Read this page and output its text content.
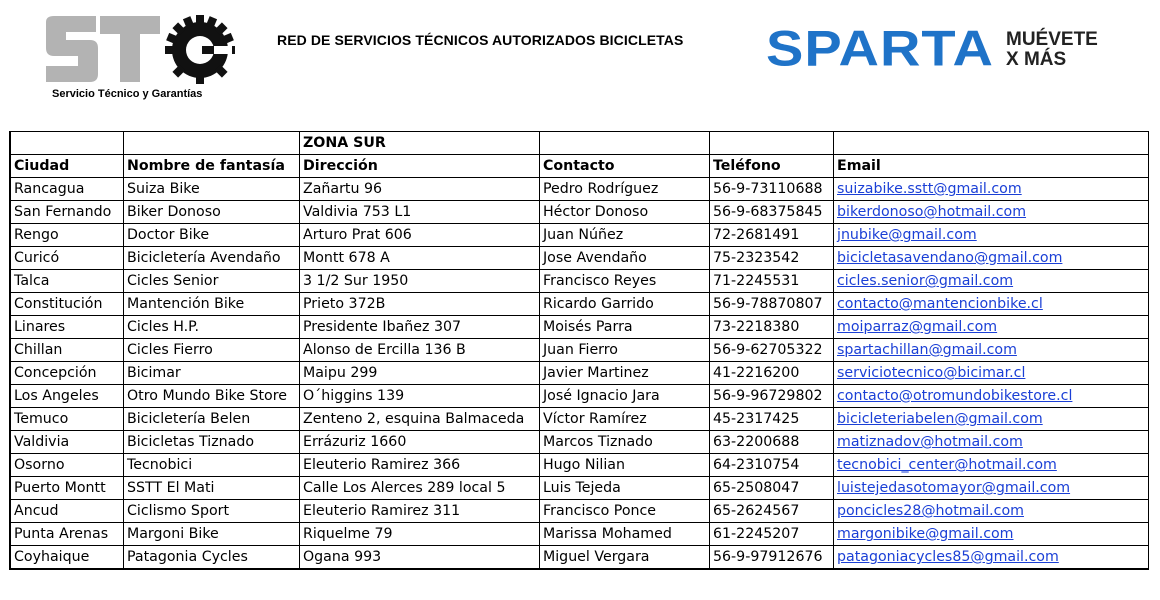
Servicio Técnico y Garantías
RED DE SERVICIOS TÉCNICOS AUTORIZADOS BICICLETAS SPARTA MUÉVETE
X MÁS
		ZONA SUR			
Ciudad	Nombre de fantasía	Dirección	Contacto	Teléfono	Email
Rancagua	Suiza Bike	Zañartu 96	Pedro Rodríguez	56-9-73110688	suizabike.sstt@gmail.com
San Fernando	Biker Donoso	Valdivia 753 L1	Héctor Donoso	56-9-68375845	bikerdonoso@hotmail.com
Rengo	Doctor Bike	Arturo Prat 606	Juan Núñez	72-2681491	jnubike@gmail.com
Curicó	Bicicletería Avendaño	Montt 678 A	Jose Avendaño	75-2323542	bicicletasavendano@gmail.com
Talca	Cicles Senior	3 1/2 Sur 1950	Francisco Reyes	71-2245531	cicles.senior@gmail.com
Constitución	Mantención Bike	Prieto 372B	Ricardo Garrido	56-9-78870807	contacto@mantencionbike.cl
Linares	Cicles H.P.	Presidente Ibañez 307	Moisés Parra	73-2218380	moiparraz@gmail.com
Chillan	Cicles Fierro	Alonso de Ercilla 136 B	Juan Fierro	56-9-62705322	spartachillan@gmail.com
Concepción	Bicimar	Maipu 299	Javier Martinez	41-2216200	serviciotecnico@bicimar.cl
Los Angeles	Otro Mundo Bike Store	O´higgins 139	José Ignacio Jara	56-9-96729802	contacto@otromundobikestore.cl
Temuco	Bicicletería Belen	Zenteno 2, esquina Balmaceda	Víctor Ramírez	45-2317425	bicicleteriabelen@gmail.com
Valdivia	Bicicletas Tiznado	Errázuriz 1660	Marcos Tiznado	63-2200688	matiznadov@hotmail.com
Osorno	Tecnobici	Eleuterio Ramirez 366	Hugo Nilian	64-2310754	tecnobici_center@hotmail.com
Puerto Montt	SSTT El Mati	Calle Los Alerces 289 local 5	Luis Tejeda	65-2508047	luistejedasotomayor@gmail.com
Ancud	Ciclismo Sport	Eleuterio Ramirez 311	Francisco Ponce	65-2624567	poncicles28@hotmail.com
Punta Arenas	Margoni Bike	Riquelme 79	Marissa Mohamed	61-2245207	margonibike@gmail.com
Coyhaique	Patagonia Cycles	Ogana 993	Miguel Vergara	56-9-97912676	patagoniacycles85@gmail.com
